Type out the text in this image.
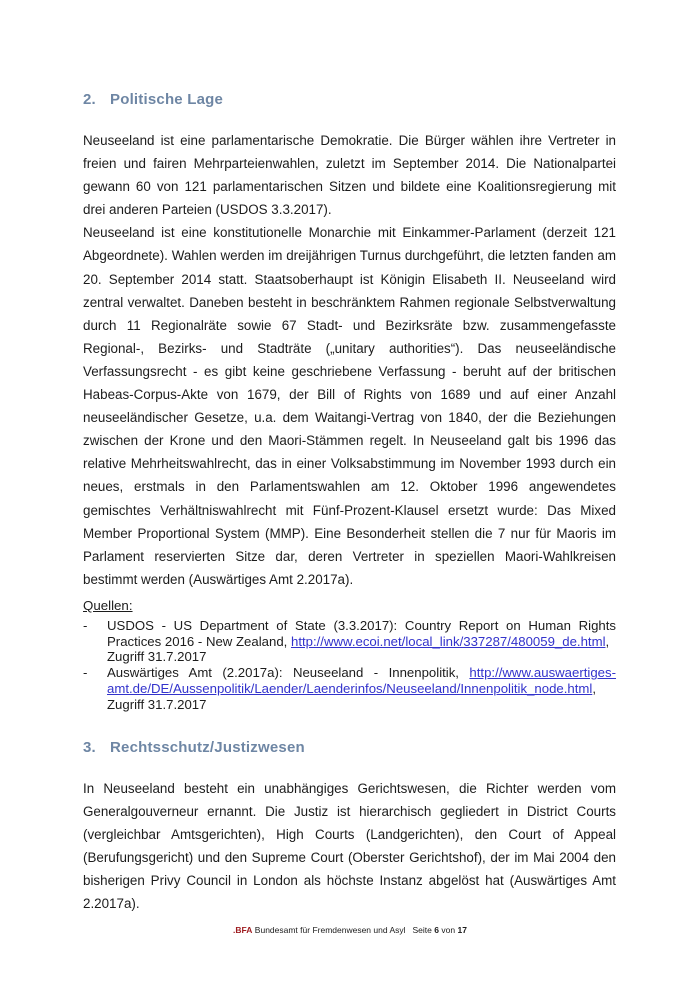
2. Politische Lage

Neuseeland ist eine parlamentarische Demokratie. Die Bürger wählen ihre Vertreter in freien und fairen Mehrparteienwahlen, zuletzt im September 2014. Die Nationalpartei gewann 60 von 121 parlamentarischen Sitzen und bildete eine Koalitionsregierung mit drei anderen Parteien (USDOS 3.3.2017).

Neuseeland ist eine konstitutionelle Monarchie mit Einkammer-Parlament (derzeit 121 Abgeordnete). Wahlen werden im dreijährigen Turnus durchgeführt, die letzten fanden am 20. September 2014 statt. Staatsoberhaupt ist Königin Elisabeth II. Neuseeland wird zentral verwaltet. Daneben besteht in beschränktem Rahmen regionale Selbstverwaltung durch 11 Regionalräte sowie 67 Stadt- und Bezirksräte bzw. zusammengefasste Regional-, Bezirks- und Stadträte („unitary authorities“). Das neuseeländische Verfassungsrecht - es gibt keine geschriebene Verfassung - beruht auf der britischen Habeas-Corpus-Akte von 1679, der Bill of Rights von 1689 und auf einer Anzahl neuseeländischer Gesetze, u.a. dem Waitangi-Vertrag von 1840, der die Beziehungen zwischen der Krone und den Maori-Stämmen regelt. In Neuseeland galt bis 1996 das relative Mehrheitswahlrecht, das in einer Volksabstimmung im November 1993 durch ein neues, erstmals in den Parlamentswahlen am 12. Oktober 1996 angewendetes gemischtes Verhältniswahlrecht mit Fünf-Prozent-Klausel ersetzt wurde: Das Mixed Member Proportional System (MMP). Eine Besonderheit stellen die 7 nur für Maoris im Parlament reservierten Sitze dar, deren Vertreter in speziellen Maori-Wahlkreisen bestimmt werden (Auswärtiges Amt 2.2017a).

Quellen:
-	USDOS - US Department of State (3.3.2017): Country Report on Human Rights Practices 2016 - New Zealand, http://www.ecoi.net/local_link/337287/480059_de.html,
Zugriff 31.7.2017
-	Auswärtiges Amt (2.2017a): Neuseeland - Innenpolitik, http://www.auswaertiges-amt.de/DE/Aussenpolitik/Laender/Laenderinfos/Neuseeland/Innenpolitik_node.html,
Zugriff 31.7.2017
3. Rechtsschutz/Justizwesen

In Neuseeland besteht ein unabhängiges Gerichtswesen, die Richter werden vom Generalgouverneur ernannt. Die Justiz ist hierarchisch gegliedert in District Courts (vergleichbar Amtsgerichten), High Courts (Landgerichten), den Court of Appeal (Berufungsgericht) und den Supreme Court (Oberster Gerichtshof), der im Mai 2004 den bisherigen Privy Council in London als höchste Instanz abgelöst hat (Auswärtiges Amt 2.2017a).

.BFA Bundesamt für Fremdenwesen und Asyl Seite 6 von 17
